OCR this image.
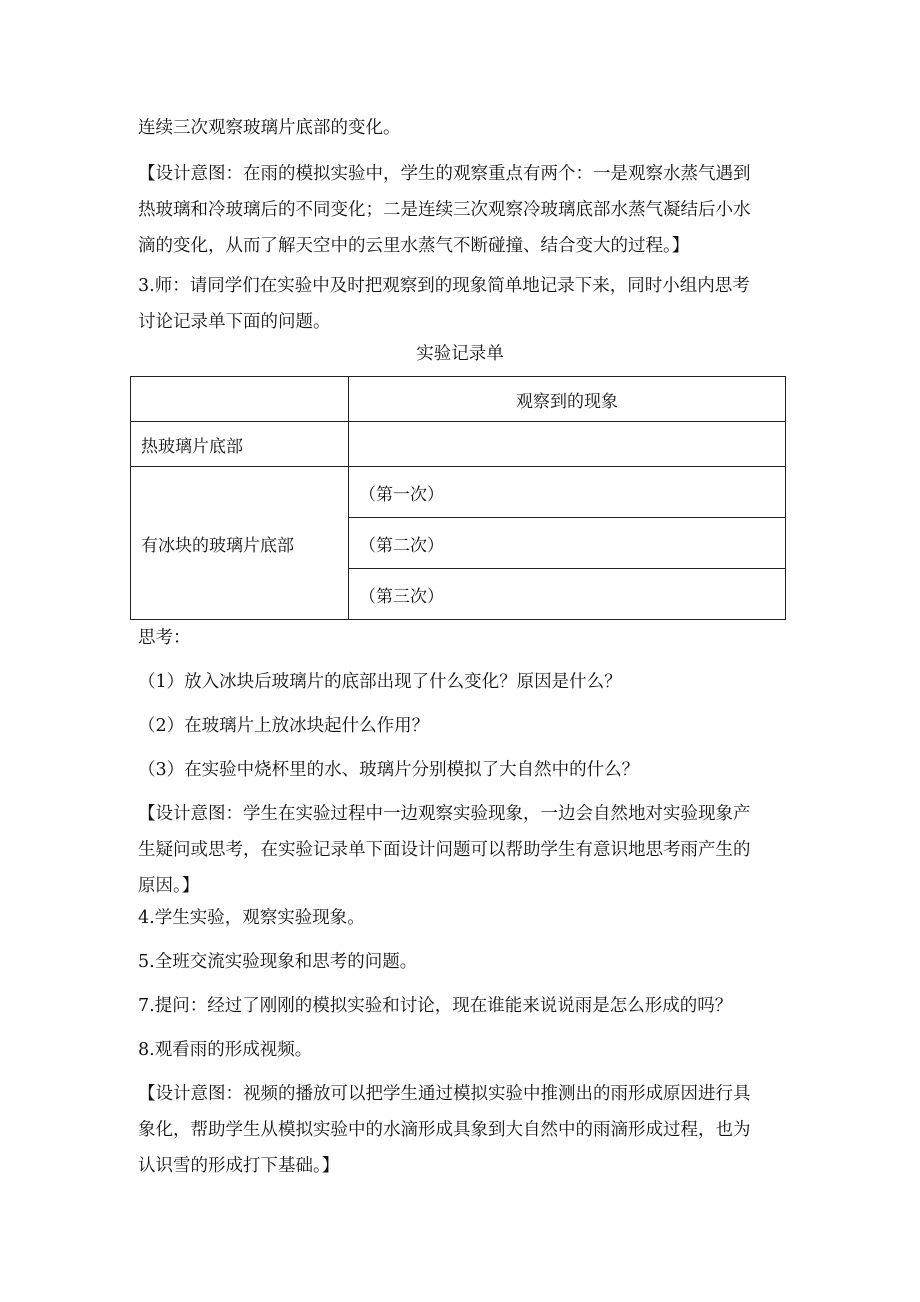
连续三次观察玻璃片底部的变化。
【设计意图：在雨的模拟实验中，学生的观察重点有两个：一是观察水蒸气遇到
热玻璃和冷玻璃后的不同变化；二是连续三次观察冷玻璃底部水蒸气凝结后小水
滴的变化，从而了解天空中的云里水蒸气不断碰撞、结合变大的过程。】
3.师：请同学们在实验中及时把观察到的现象简单地记录下来，同时小组内思考
讨论记录单下面的问题。
实验记录单
	观察到的现象
热玻璃片底部	
有冰块的玻璃片底部	（第一次）
	（第二次）
	（第三次）
思考：
（1）放入冰块后玻璃片的底部出现了什么变化？原因是什么？
（2）在玻璃片上放冰块起什么作用？
（3）在实验中烧杯里的水、玻璃片分别模拟了大自然中的什么？
【设计意图：学生在实验过程中一边观察实验现象，一边会自然地对实验现象产
生疑问或思考，在实验记录单下面设计问题可以帮助学生有意识地思考雨产生的
原因。】
4.学生实验，观察实验现象。
5.全班交流实验现象和思考的问题。
7.提问：经过了刚刚的模拟实验和讨论，现在谁能来说说雨是怎么形成的吗？
8.观看雨的形成视频。
【设计意图：视频的播放可以把学生通过模拟实验中推测出的雨形成原因进行具
象化，帮助学生从模拟实验中的水滴形成具象到大自然中的雨滴形成过程，也为
认识雪的形成打下基础。】
